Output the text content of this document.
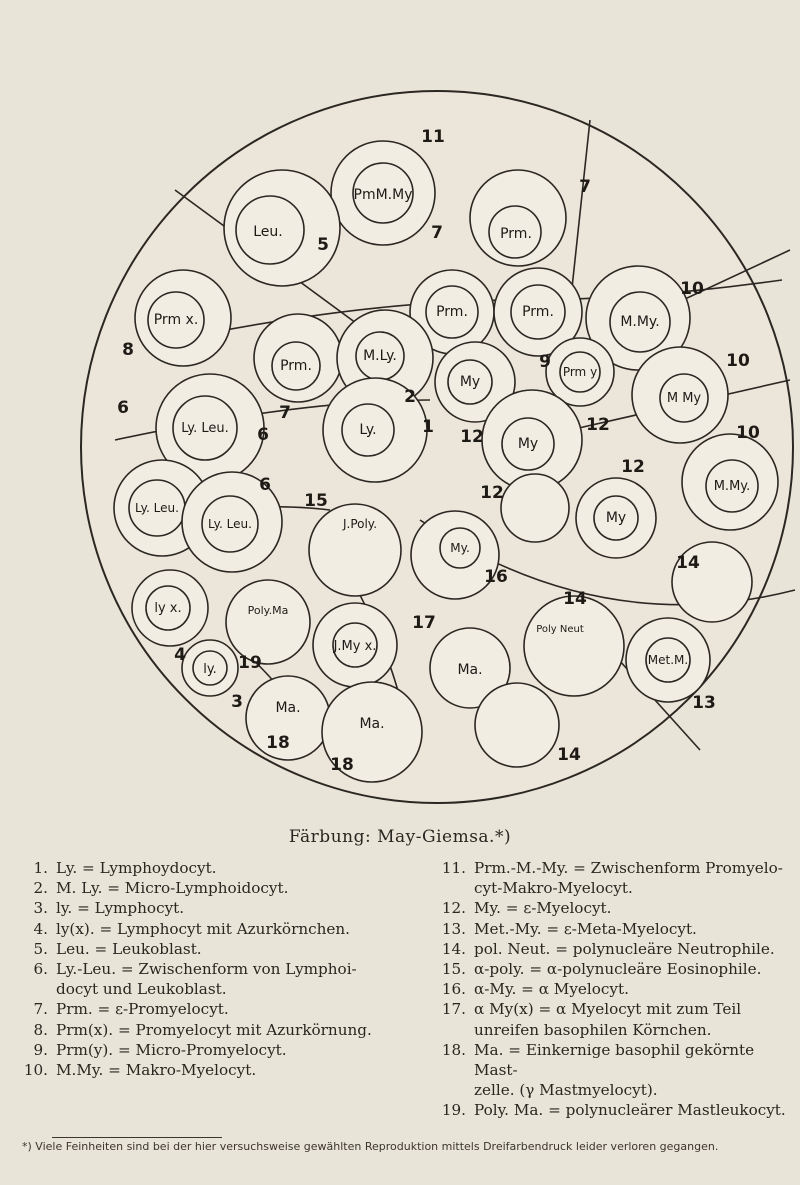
PmM.My
Leu.	Prm.
Prm.	Prm.
M.My.
Prm x.
Prm.
M.Ly.
My
Prm y
M My
Ly. Leu.	Ly.
My
My
M.My.
Ly. Leu.
Ly. Leu.	J.Poly.
My.
Poly.Ma
ly x.
Poly Neut
Met.M.
J.My x.
Ma.
ly.
Ma.
Ma.
11
7
5
7
10
8
9	10
6
2
7
6	1 12
12	10
6
12
12
15
16
14
17
14
4	19
3	13
18
18	14
Färbung: May-Giemsa.*)
1. Ly. = Lymphoydocyt.
2. M. Ly. = Micro-Lymphoidocyt.
3. ly. = Lymphocyt.
4. ly(x). = Lymphocyt mit Azurkörnchen.
5. Leu. = Leukoblast.
6. Ly.-Leu. = Zwischenform von Lymphoi-
docyt und Leukoblast.
7. Prm. = ε-Promyelocyt.
8. Prm(x). = Promyelocyt mit Azurkörnung.
9. Prm(y). = Micro-Promyelocyt.
10. M.My. = Makro-Myelocyt.
11. Prm.-M.-My. = Zwischenform Promyelo-
cyt-Makro-Myelocyt.
12. My. = ε-Myelocyt.
13. Met.-My. = ε-Meta-Myelocyt.
14. pol. Neut. = polynucleäre Neutrophile.
15. α-poly. = α-polynucleäre Eosinophile.
16. α-My. = α Myelocyt.
17. α My(x) = α Myelocyt mit zum Teil
unreifen basophilen Körnchen.
18. Ma. = Einkernige basophil gekörnte Mast-
zelle. (γ Mastmyelocyt).
19. Poly. Ma. = polynucleärer Mastleukocyt.
*) Viele Feinheiten sind bei der hier versuchsweise gewählten Reproduktion mittels Dreifarbendruck leider verloren gegangen.
